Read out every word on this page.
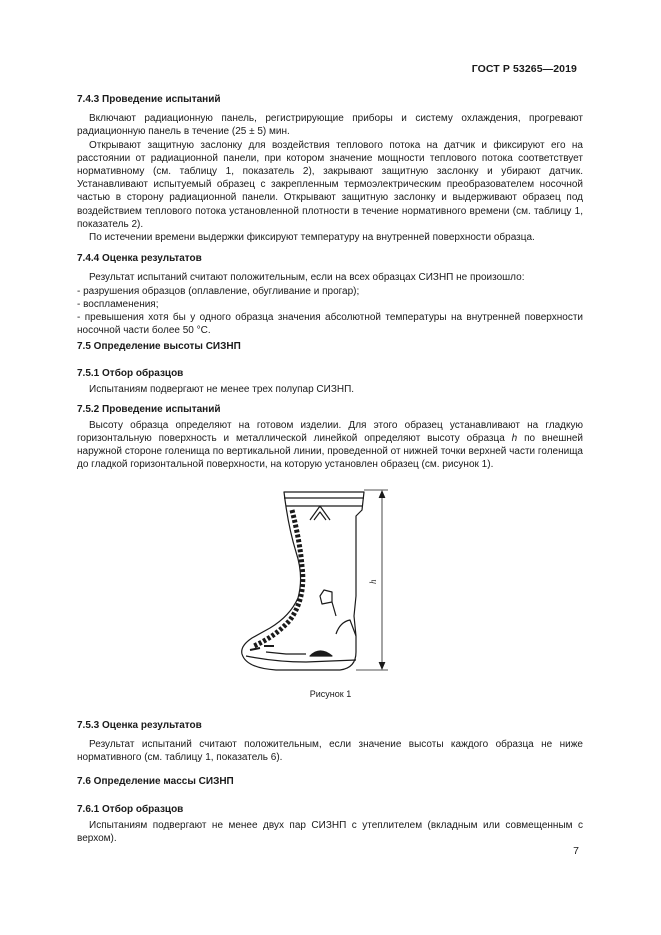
ГОСТ Р 53265—2019

7.4.3 Проведение испытаний

Включают радиационную панель, регистрирующие приборы и систему охлаждения, прогревают радиационную панель в течение (25 ± 5) мин.

Открывают защитную заслонку для воздействия теплового потока на датчик и фиксируют его на расстоянии от радиационной панели, при котором значение мощности теплового потока соответствует нормативному (см. таблицу 1, показатель 2), закрывают защитную заслонку и убирают датчик. Устанавливают испытуемый образец с закрепленным термоэлектрическим преобразователем носочной частью в сторону радиационной панели. Открывают защитную заслонку и выдерживают образец под воздействием теплового потока установленной плотности в течение нормативного времени (см. таблицу 1, показатель 2).

По истечении времени выдержки фиксируют температуру на внутренней поверхности образца.

7.4.4 Оценка результатов

Результат испытаний считают положительным, если на всех образцах СИЗНП не произошло:

- разрушения образцов (оплавление, обугливание и прогар);

- воспламенения;

- превышения хотя бы у одного образца значения абсолютной температуры на внутренней поверхности носочной части более 50 °С.

7.5 Определение высоты СИЗНП

7.5.1 Отбор образцов

Испытаниям подвергают не менее трех полупар СИЗНП.

7.5.2 Проведение испытаний

Высоту образца определяют на готовом изделии. Для этого образец устанавливают на гладкую горизонтальную поверхность и металлической линейкой определяют высоту образца h по внешней наружной стороне голенища по вертикальной линии, проведенной от нижней точки верхней части голенища до гладкой горизонтальной поверхности, на которую установлен образец (см. рисунок 1).

h
Рисунок 1

7.5.3 Оценка результатов

Результат испытаний считают положительным, если значение высоты каждого образца не ниже нормативного (см. таблицу 1, показатель 6).

7.6 Определение массы СИЗНП

7.6.1 Отбор образцов

Испытаниям подвергают не менее двух пар СИЗНП с утеплителем (вкладным или совмещенным с верхом).

7
